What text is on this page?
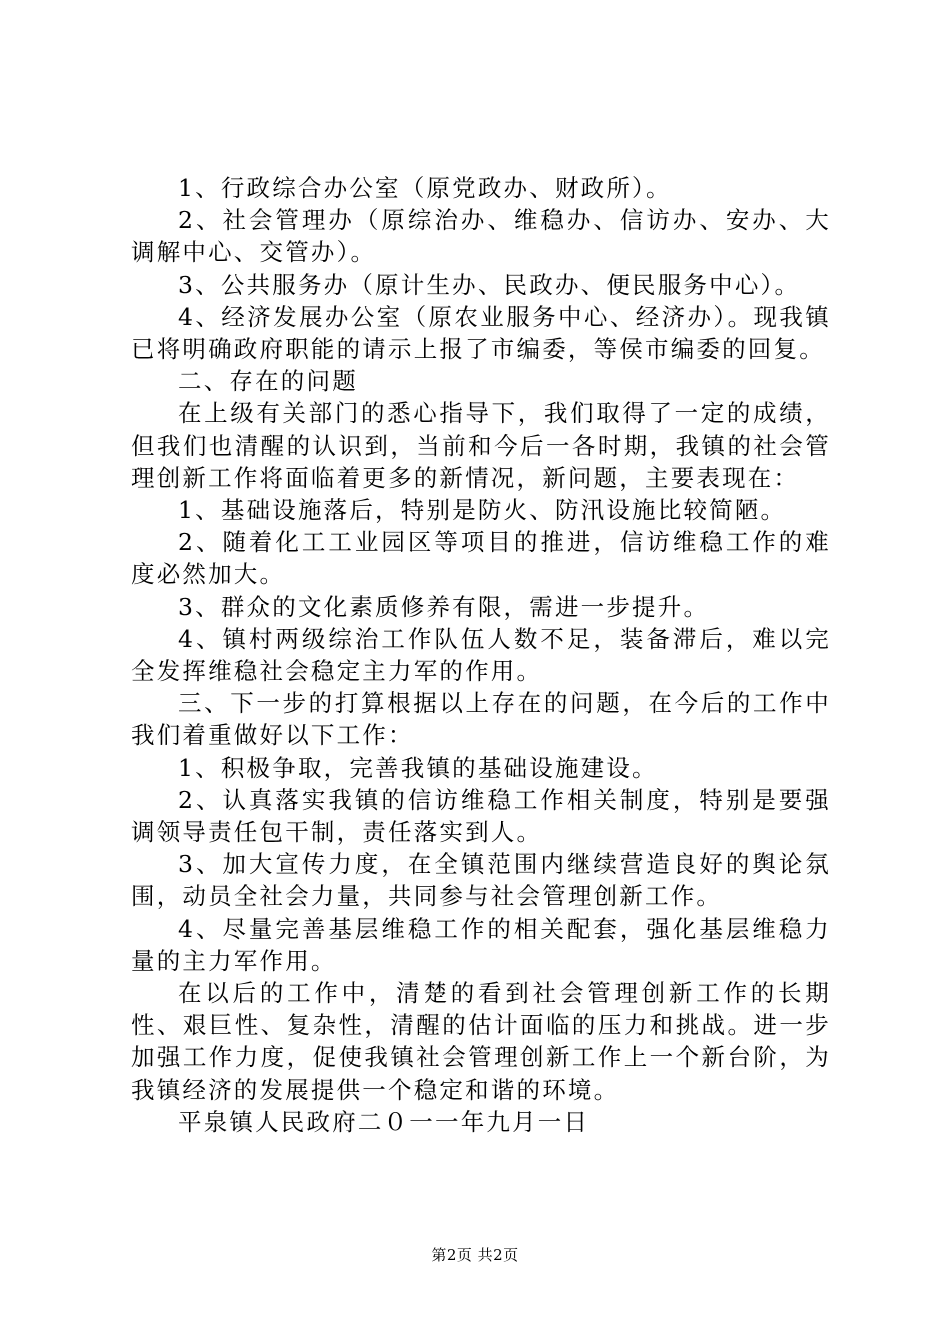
1、行政综合办公室（原党政办、财政所）。

2、社会管理办（原综治办、维稳办、信访办、安办、大调解中心、交管办）。

3、公共服务办（原计生办、民政办、便民服务中心）。

4、经济发展办公室（原农业服务中心、经济办）。现我镇已将明确政府职能的请示上报了市编委，等侯市编委的回复。

二、存在的问题

在上级有关部门的悉心指导下，我们取得了一定的成绩，但我们也清醒的认识到，当前和今后一各时期，我镇的社会管理创新工作将面临着更多的新情况，新问题，主要表现在：

1、基础设施落后，特别是防火、防汛设施比较简陋。

2、随着化工工业园区等项目的推进，信访维稳工作的难度必然加大。

3、群众的文化素质修养有限，需进一步提升。

4、镇村两级综治工作队伍人数不足，装备滞后，难以完全发挥维稳社会稳定主力军的作用。

三、下一步的打算根据以上存在的问题，在今后的工作中我们着重做好以下工作：

1、积极争取，完善我镇的基础设施建设。

2、认真落实我镇的信访维稳工作相关制度，特别是要强调领导责任包干制，责任落实到人。

3、加大宣传力度，在全镇范围内继续营造良好的舆论氛围，动员全社会力量，共同参与社会管理创新工作。

4、尽量完善基层维稳工作的相关配套，强化基层维稳力量的主力军作用。

在以后的工作中，清楚的看到社会管理创新工作的长期性、艰巨性、复杂性，清醒的估计面临的压力和挑战。进一步加强工作力度，促使我镇社会管理创新工作上一个新台阶，为我镇经济的发展提供一个稳定和谐的环境。

平泉镇人民政府二０一一年九月一日

第2页 共2页
